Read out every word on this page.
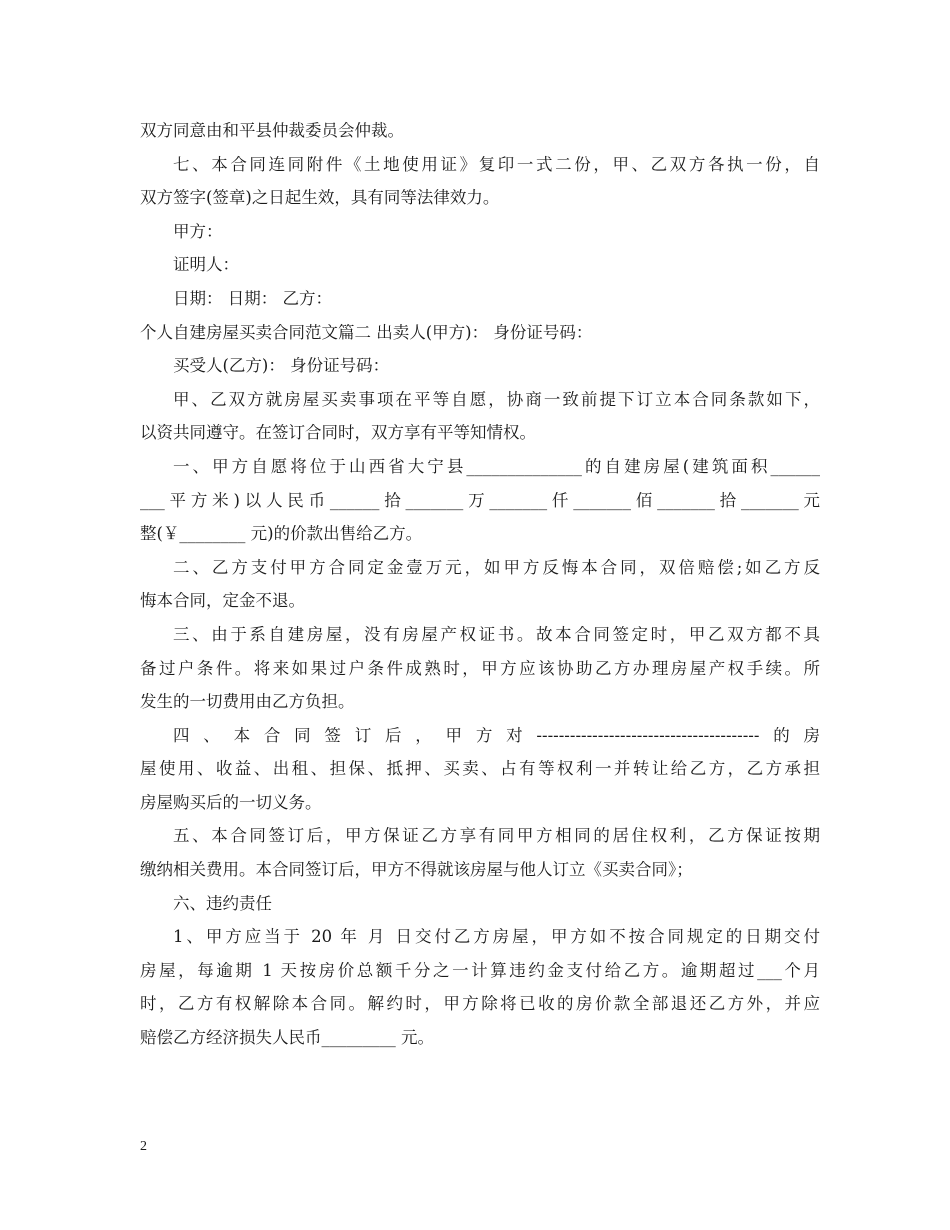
双方同意由和平县仲裁委员会仲裁。
七、本合同连同附件《土地使用证》复印一式二份，甲、乙双方各执一份，自
双方签字(签章)之日起生效，具有同等法律效力。
甲方：
证明人：
日期： 日期： 乙方：
个人自建房屋买卖合同范文篇二 出卖人(甲方)： 身份证号码：
买受人(乙方)： 身份证号码：
甲、乙双方就房屋买卖事项在平等自愿，协商一致前提下订立本合同条款如下，
以资共同遵守。在签订合同时，双方享有平等知情权。
一、甲方自愿将位于山西省大宁县______________的自建房屋(建筑面积______
___平方米)以人民币______拾_______万_______仟_______佰_______拾_______元
整(￥________ 元)的价款出售给乙方。
二、乙方支付甲方合同定金壹万元，如甲方反悔本合同，双倍赔偿;如乙方反
悔本合同，定金不退。
三、由于系自建房屋，没有房屋产权证书。故本合同签定时，甲乙双方都不具
备过户条件。将来如果过户条件成熟时，甲方应该协助乙方办理房屋产权手续。所
发生的一切费用由乙方负担。
四、本合同签订后，甲方对----------------------------------------的房
屋使用、收益、出租、担保、抵押、买卖、占有等权利一并转让给乙方，乙方承担
房屋购买后的一切义务。
五、本合同签订后，甲方保证乙方享有同甲方相同的居住权利，乙方保证按期
缴纳相关费用。本合同签订后，甲方不得就该房屋与他人订立《买卖合同》；
六、违约责任
1、甲方应当于 20 年 月 日交付乙方房屋，甲方如不按合同规定的日期交付
房屋，每逾期 1 天按房价总额千分之一计算违约金支付给乙方。逾期超过___个月
时，乙方有权解除本合同。解约时，甲方除将已收的房价款全部退还乙方外，并应
赔偿乙方经济损失人民币_________ 元。
2
